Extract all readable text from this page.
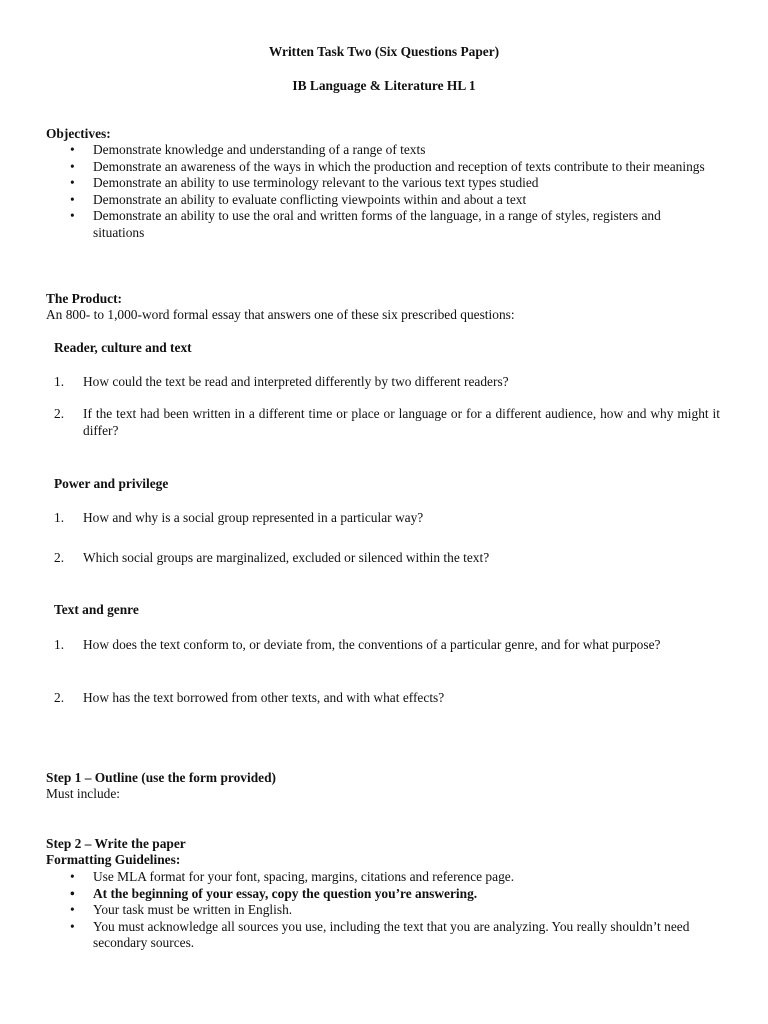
Written Task Two (Six Questions Paper)
IB Language & Literature HL 1
Objectives:
• Demonstrate knowledge and understanding of a range of texts
• Demonstrate an awareness of the ways in which the production and reception of texts contribute to their meanings
• Demonstrate an ability to use terminology relevant to the various text types studied
• Demonstrate an ability to evaluate conflicting viewpoints within and about a text
• Demonstrate an ability to use the oral and written forms of the language, in a range of styles, registers and situations
The Product:
An 800- to 1,000-word formal essay that answers one of these six prescribed questions:
Reader, culture and text
1. How could the text be read and interpreted differently by two different readers?
2. If the text had been written in a different time or place or language or for a different audience, how and why might it differ?
Power and privilege
1. How and why is a social group represented in a particular way?
2. Which social groups are marginalized, excluded or silenced within the text?
Text and genre
1. How does the text conform to, or deviate from, the conventions of a particular genre, and for what purpose?
2. How has the text borrowed from other texts, and with what effects?
Step 1 – Outline (use the form provided)
Must include:
Step 2 – Write the paper
Formatting Guidelines:
• Use MLA format for your font, spacing, margins, citations and reference page.
• At the beginning of your essay, copy the question you’re answering.
• Your task must be written in English.
• You must acknowledge all sources you use, including the text that you are analyzing. You really shouldn’t need secondary sources.
